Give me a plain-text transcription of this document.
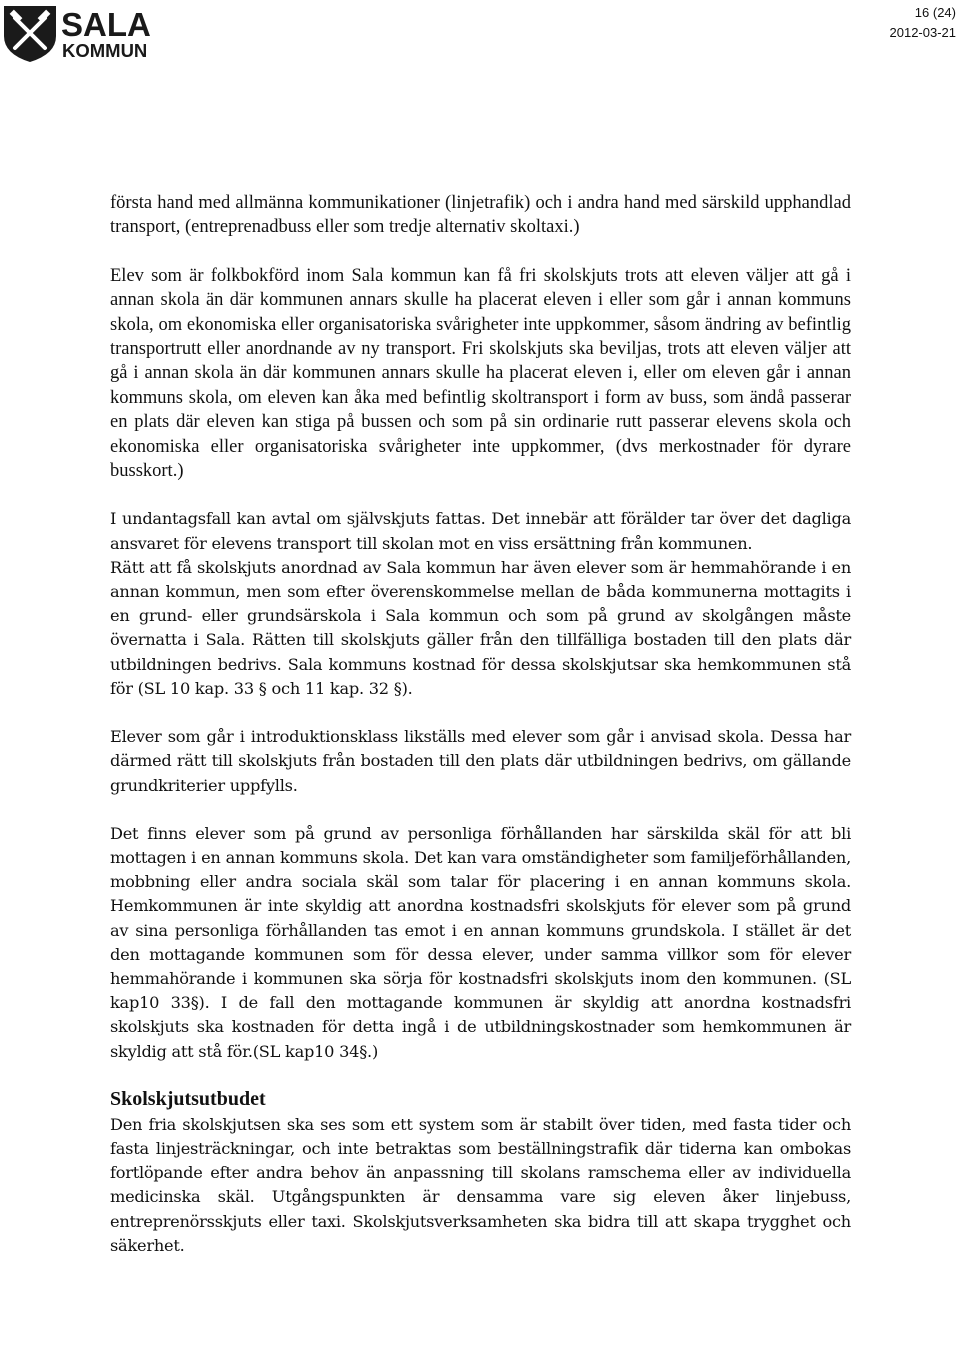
SALA
KOMMUN
16 (24)
2012-03-21

första hand med allmänna kommunikationer (linjetrafik) och i andra hand med särskild upphandlad transport, (entreprenadbuss eller som tredje alternativ skoltaxi.)

Elev som är folkbokförd inom Sala kommun kan få fri skolskjuts trots att eleven väljer att gå i annan skola än där kommunen annars skulle ha placerat eleven i eller som går i annan kommuns skola, om ekonomiska eller organisatoriska svårigheter inte uppkommer, såsom ändring av befintlig transportrutt eller anordnande av ny transport. Fri skolskjuts ska beviljas, trots att eleven väljer att gå i annan skola än där kommunen annars skulle ha placerat eleven i, eller om eleven går i annan kommuns skola, om eleven kan åka med befintlig skoltransport i form av buss, som ändå passerar en plats där eleven kan stiga på bussen och som på sin ordinarie rutt passerar elevens skola och ekonomiska eller organisatoriska svårigheter inte uppkommer, (dvs merkostnader för dyrare busskort.)

I undantagsfall kan avtal om självskjuts fattas. Det innebär att förälder tar över det dagliga ansvaret för elevens transport till skolan mot en viss ersättning från kommunen.

Rätt att få skolskjuts anordnad av Sala kommun har även elever som är hemmahörande i en annan kommun, men som efter överenskommelse mellan de båda kommunerna mottagits i en grund- eller grundsärskola i Sala kommun och som på grund av skolgången måste övernatta i Sala. Rätten till skolskjuts gäller från den tillfälliga bostaden till den plats där utbildningen bedrivs. Sala kommuns kostnad för dessa skolskjutsar ska hemkommunen stå för (SL 10 kap. 33 § och 11 kap. 32 §).

Elever som går i introduktionsklass likställs med elever som går i anvisad skola. Dessa har därmed rätt till skolskjuts från bostaden till den plats där utbildningen bedrivs, om gällande grundkriterier uppfylls.

Det finns elever som på grund av personliga förhållanden har särskilda skäl för att bli mottagen i en annan kommuns skola. Det kan vara omständigheter som familjeförhållanden, mobbning eller andra sociala skäl som talar för placering i en annan kommuns skola. Hemkommunen är inte skyldig att anordna kostnadsfri skolskjuts för elever som på grund av sina personliga förhållanden tas emot i en annan kommuns grundskola. I stället är det den mottagande kommunen som för dessa elever, under samma villkor som för elever hemmahörande i kommunen ska sörja för kostnadsfri skolskjuts inom den kommunen. (SL kap10 33§). I de fall den mottagande kommunen är skyldig att anordna kostnadsfri skolskjuts ska kostnaden för detta ingå i de utbildningskostnader som hemkommunen är skyldig att stå för.(SL kap10 34§.)

Skolskjutsutbudet

Den fria skolskjutsen ska ses som ett system som är stabilt över tiden, med fasta tider och fasta linjesträckningar, och inte betraktas som beställningstrafik där tiderna kan ombokas fortlöpande efter andra behov än anpassning till skolans ramschema eller av individuella medicinska skäl. Utgångspunkten är densamma vare sig eleven åker linjebuss, entreprenörsskjuts eller taxi. Skolskjutsverksamheten ska bidra till att skapa trygghet och säkerhet.
